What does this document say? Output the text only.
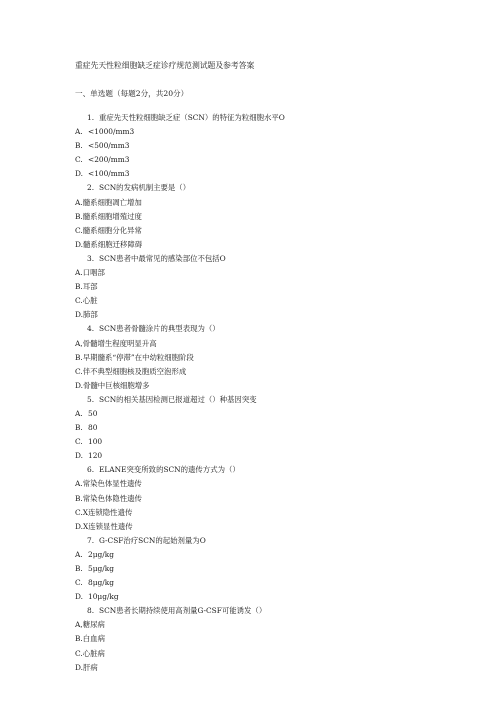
重症先天性粒细胞缺乏症诊疗规范测试题及参考答案
一、单选题（每题2分，共20分）
1. 重症先天性粒细胞缺乏症（SCN）的特征为粒细胞水平O
A. <1000/mm3
B. <500/mm3
C. <200/mm3
D. <100/mm3
2. SCN的发病机制主要是（）
A.髓系细胞凋亡增加
B.髓系细胞增殖过度
C.髓系细胞分化异常
D.髓系细胞迁移障碍
3. SCN患者中最常见的感染部位不包括O
A.口咽部
B.耳部
C.心脏
D.肺部
4. SCN患者骨髓涂片的典型表现为（）
A,骨髓增生程度明显升高
B.早期髓系“停滞”在中幼粒细胞阶段
C.伴不典型细胞核及胞质空泡形成
D.骨髓中巨核细胞增多
5. SCN的相关基因检测已报道超过（）种基因突变
A. 50
B. 80
C. 100
D. 120
6. ELANE突变所致的SCN的遗传方式为（）
A.常染色体显性遗传
B.常染色体隐性遗传
C.X连锁隐性遗传
D.X连锁显性遗传
7. G-CSF治疗SCN的起始剂量为O
A. 2μg/kg
B. 5μg/kg
C. 8μg/kg
D. 10μg/kg
8. SCN患者长期持续使用高剂量G-CSF可能诱发（）
A,糖尿病
B.白血病
C.心脏病
D.肝病
